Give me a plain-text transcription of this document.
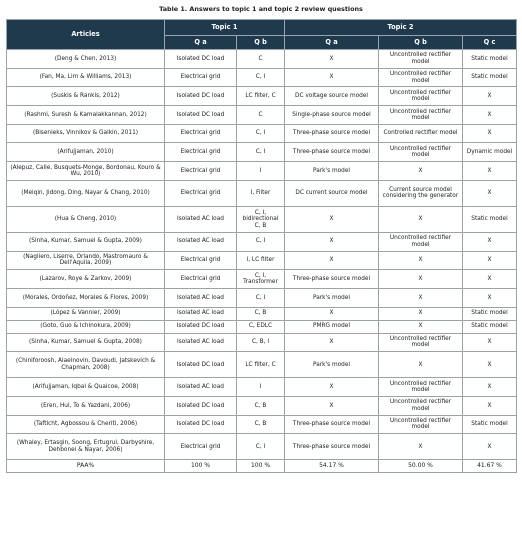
Table 1. Answers to topic 1 and topic 2 review questions
Articles	Topic 1		Topic 2		
	Q a	Q b	Q a	Q b	Q c
(Deng & Chen, 2013)	Isolated DC load	C	X	Uncontrolled rectifier model	Static model
(Fan, Ma, Lim & Williams, 2013)	Electrical grid	C, I	X	Uncontrolled rectifier model	Static model
(Suskis & Rankis, 2012)	Isolated DC load	LC filter, C	DC voltage source model	Uncontrolled rectifier model	X
(Rashmi, Suresh & Kamalakkannan, 2012)	Isolated DC load	C	Single-phase source model	Uncontrolled rectifier model	X
(Bisenieks, Vinnikov & Galkin, 2011)	Electrical grid	C, I	Three-phase source model	Controlled rectifier model	X
(Arifujjaman, 2010)	Electrical grid	C, I	Three-phase source model	Uncontrolled rectifier model	Dynamic model
(Alepuz, Calle, Busquets-Monge, Bordonau, Kouro & Wu, 2010)	Electrical grid	I	Park's model	X	X
(Meiqin, Jidong, Ding, Nayar & Chang, 2010)	Electrical grid	I, Filter	DC current source model	Current source model considering the generator	X
(Hua & Cheng, 2010)	Isolated AC load	C, I, bidirectional C, B	X	X	Static model
(Sinha, Kumar, Samuel & Gupta, 2009)	Isolated AC load	C, I	X	Uncontrolled rectifier model	X
(Nagliero, Liserre, Orlando, Mastromauro & Dell'Aquila, 2009)	Electrical grid	I, LC filter	X	X	X
(Lazarov, Roye & Zarkov, 2009)	Electrical grid	C, I, Transformer	Three-phase source model	X	X
(Morales, Ordoñez, Morales & Flores, 2009)	Isolated AC load	C, I	Park's model	X	X
(López & Vannier, 2009)	Isolated AC load	C, B	X	X	Static model
(Goto, Guo & Ichinokura, 2009)	Isolated DC load	C, EDLC	PMRG model	X	Static model
(Sinha, Kumar, Samuel & Gupta, 2008)	Isolated AC load	C, B, I	X	Uncontrolled rectifier model	X
(Chiniforoosh, Alaeinovin, Davoudi, Jatskevich & Chapman, 2008)	Isolated DC load	LC filter, C	Park's model	X	X
(Arifujjaman, Iqbal & Quaicoe, 2008)	Isolated AC load	I	X	Uncontrolled rectifier model	X
(Eren, Hui, To & Yazdani, 2006)	Isolated DC load	C, B	X	Uncontrolled rectifier model	X
(Tafticht, Agbossou & Cheriti, 2006)	Isolated DC load	C, B	Three-phase source model	Uncontrolled rectifier model	Static model
(Whaley, Ertasgin, Soong, Ertugrul, Darbyshire, Dehbonei & Nayar, 2006)	Electrical grid	C, I	Three-phase source model	X	X
PAA%	100 %	100 %	54.17 %	50.00 %	41.67 %
